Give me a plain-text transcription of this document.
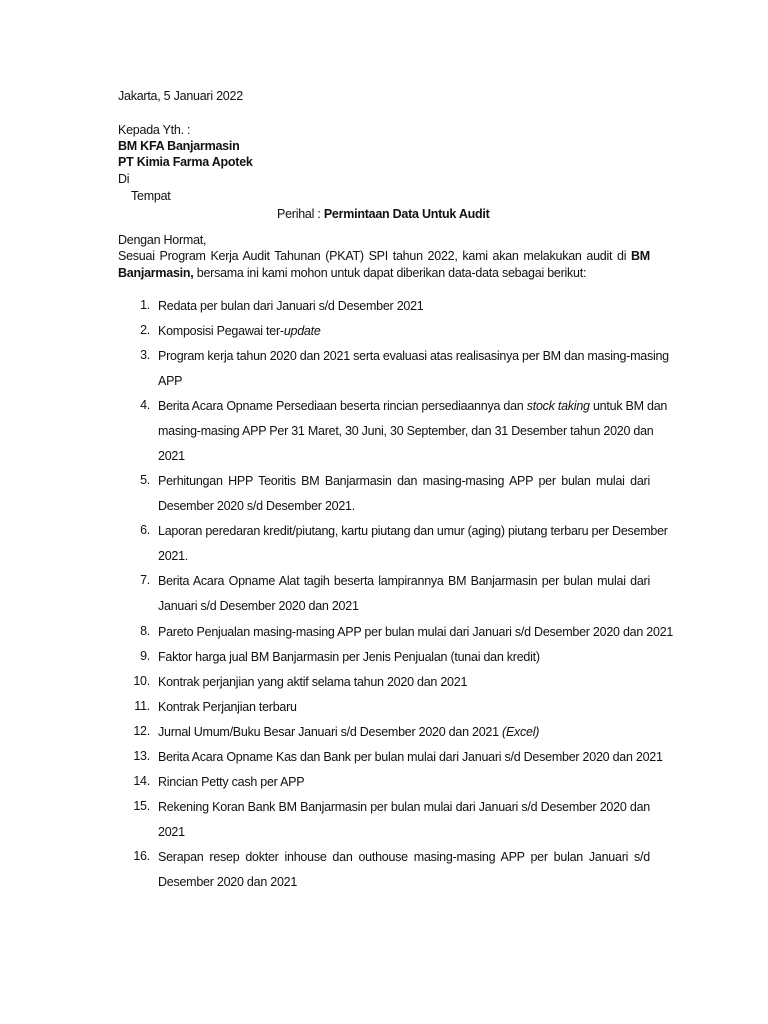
Jakarta, 5 Januari 2022
Kepada Yth. :
BM KFA Banjarmasin
PT Kimia Farma Apotek
Di
Tempat
Perihal : Permintaan Data Untuk Audit
Dengan Hormat,
Sesuai Program Kerja Audit Tahunan (PKAT) SPI tahun 2022, kami akan melakukan audit di BM
Banjarmasin, bersama ini kami mohon untuk dapat diberikan data-data sebagai berikut:
1. Redata per bulan dari Januari s/d Desember 2021
2. Komposisi Pegawai ter-update
3. Program kerja tahun 2020 dan 2021 serta evaluasi atas realisasinya per BM dan masing-masing
APP
4. Berita Acara Opname Persediaan beserta rincian persediaannya dan stock taking untuk BM dan
masing-masing APP Per 31 Maret, 30 Juni, 30 September, dan 31 Desember tahun 2020 dan
2021
5. Perhitungan HPP Teoritis BM Banjarmasin dan masing-masing APP per bulan mulai dari
Desember 2020 s/d Desember 2021.
6. Laporan peredaran kredit/piutang, kartu piutang dan umur (aging) piutang terbaru per Desember
2021.
7. Berita Acara Opname Alat tagih beserta lampirannya BM Banjarmasin per bulan mulai dari
Januari s/d Desember 2020 dan 2021
8. Pareto Penjualan masing-masing APP per bulan mulai dari Januari s/d Desember 2020 dan 2021
9. Faktor harga jual BM Banjarmasin per Jenis Penjualan (tunai dan kredit)
10. Kontrak perjanjian yang aktif selama tahun 2020 dan 2021
11. Kontrak Perjanjian terbaru
12. Jurnal Umum/Buku Besar Januari s/d Desember 2020 dan 2021 (Excel)
13. Berita Acara Opname Kas dan Bank per bulan mulai dari Januari s/d Desember 2020 dan 2021
14. Rincian Petty cash per APP
15. Rekening Koran Bank BM Banjarmasin per bulan mulai dari Januari s/d Desember 2020 dan
2021
16. Serapan resep dokter inhouse dan outhouse masing-masing APP per bulan Januari s/d
Desember 2020 dan 2021
